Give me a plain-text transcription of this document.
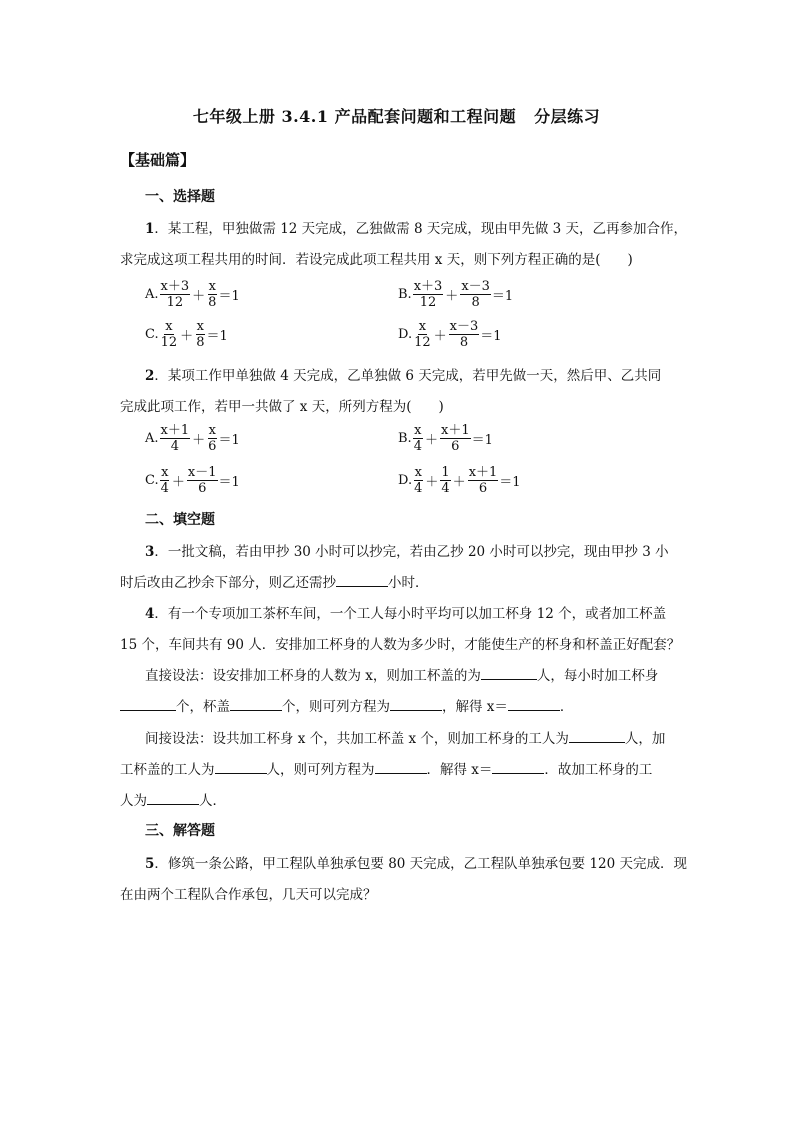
七年级上册 3.4.1 产品配套问题和工程问题 分层练习
【基础篇】
一、选择题
1．某工程，甲独做需 12 天完成，乙独做需 8 天完成，现由甲先做 3 天，乙再参加合作，
求完成这项工程共用的时间．若设完成此项工程共用 x 天，则下列方程正确的是(　　)
A. $\frac{x+3}{12} + \frac{x}{8} =1$	B. $\frac{x+3}{12} + \frac{x-3}{8} =1$
C. $\frac{x}{12} + \frac{x}{8} =1$	D. $\frac{x}{12} + \frac{x-3}{8} =1$
2．某项工作甲单独做 4 天完成，乙单独做 6 天完成，若甲先做一天，然后甲、乙共同
完成此项工作，若甲一共做了 x 天，所列方程为(　　)
A. $\frac{x+1}{4} + \frac{x}{6} =1$	B. $\frac{x}{4} + \frac{x+1}{6} =1$
C. $\frac{x}{4} + \frac{x-1}{6} =1$	D. $\frac{x}{4} + \frac{1}{4} + \frac{x+1}{6} =1$
二、填空题
3．一批文稿，若由甲抄 30 小时可以抄完，若由乙抄 20 小时可以抄完，现由甲抄 3 小
时后改由乙抄余下部分，则乙还需抄	小时．
4．有一个专项加工茶杯车间，一个工人每小时平均可以加工杯身 12 个，或者加工杯盖
15 个，车间共有 90 人．安排加工杯身的人数为多少时，才能使生产的杯身和杯盖正好配套？
直接设法：设安排加工杯身的人数为 x，则加工杯盖的为	人，每小时加工杯身
个，杯盖	个，则可列方程为	，解得 x＝	．
间接设法：设共加工杯身 x 个，共加工杯盖 x 个，则加工杯身的工人为	人，加
工杯盖的工人为	人，则可列方程为	．解得 x＝	．故加工杯身的工
人为	人．
三、解答题
5．修筑一条公路，甲工程队单独承包要 80 天完成，乙工程队单独承包要 120 天完成．现
在由两个工程队合作承包，几天可以完成？
